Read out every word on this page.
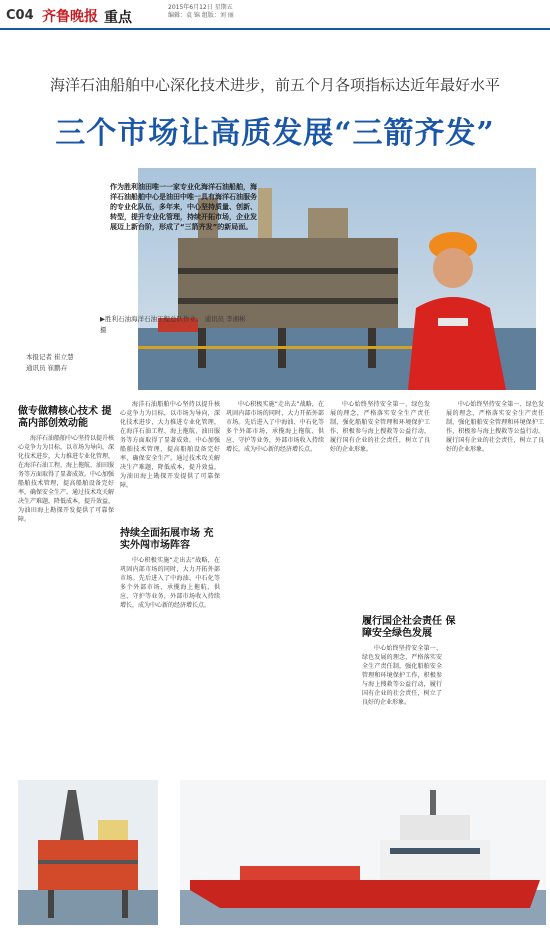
C04 齐鲁晚报 重点
2015年6月12日 星期五
编辑：袁 锦 组版：刘 丽
海洋石油船舶中心深化技术进步，前五个月各项指标达近年最好水平
三个市场让高质发展“三箭齐发”
作为胜利油田唯一一家专业化海洋石油船舶，海洋石油船舶中心是油田中唯一具有海洋石油服务的专业化队伍，多年来，中心坚持质量、创新、转型，提升专业化管理，持续开拓市场，企业发展迈上新台阶，形成了“三箭齐发”的新局面。
▶胜利石油海洋石油工程总队作业。 通讯员 李湘彬 摄
本报记者 崔立慧
通讯员 崔鹏卉
做专做精核心技术 提高内部创效动能

海洋石油船舶中心坚持以提升核心竞争力为目标，以市场为导向，深化技术进步，大力推进专业化管理，在海洋石油工程、海上拖航、油田服务等方面取得了显著成效。中心加强船舶技术管理，提高船舶设备完好率，确保安全生产。通过技术攻关解决生产难题，降低成本，提升效益，为油田海上勘探开发提供了可靠保障。

海洋石油船舶中心坚持以提升核心竞争力为目标，以市场为导向，深化技术进步，大力推进专业化管理，在海洋石油工程、海上拖航、油田服务等方面取得了显著成效。中心加强船舶技术管理，提高船舶设备完好率，确保安全生产。通过技术攻关解决生产难题，降低成本，提升效益，为油田海上勘探开发提供了可靠保障。

持续全面拓展市场 充实外闯市场阵容

中心积极实施“走出去”战略，在巩固内部市场的同时，大力开拓外部市场。先后进入了中海油、中石化等多个外部市场，承揽海上拖航、供应、守护等业务，外部市场收入持续增长，成为中心新的经济增长点。

中心积极实施“走出去”战略，在巩固内部市场的同时，大力开拓外部市场。先后进入了中海油、中石化等多个外部市场，承揽海上拖航、供应、守护等业务，外部市场收入持续增长，成为中心新的经济增长点。

中心始终坚持安全第一、绿色发展的理念，严格落实安全生产责任制，强化船舶安全管理和环境保护工作，积极参与海上搜救等公益行动，履行国有企业的社会责任，树立了良好的企业形象。

履行国企社会责任 保障安全绿色发展

中心始终坚持安全第一、绿色发展的理念，严格落实安全生产责任制，强化船舶安全管理和环境保护工作，积极参与海上搜救等公益行动，履行国有企业的社会责任，树立了良好的企业形象。

中心始终坚持安全第一、绿色发展的理念，严格落实安全生产责任制，强化船舶安全管理和环境保护工作，积极参与海上搜救等公益行动，履行国有企业的社会责任，树立了良好的企业形象。
